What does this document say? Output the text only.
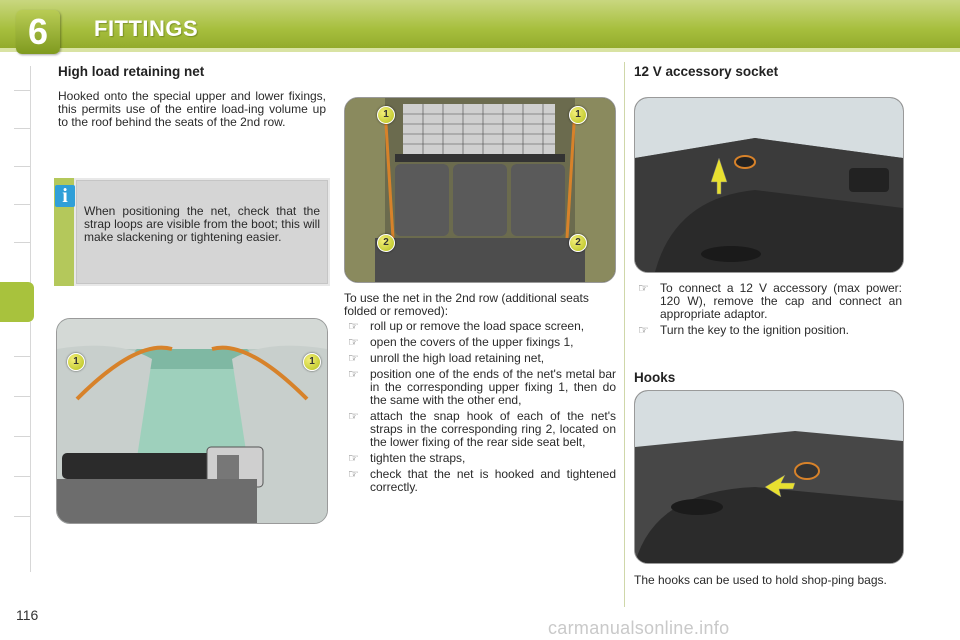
6	FITTINGS
High load retaining net
Hooked onto the special upper and lower fixings, this permits use of the entire load-ing volume up to the roof behind the seats of the 2nd row.
i
When positioning the net, check that the strap loops are visible from the boot; this will make slackening or tightening easier.
1	1
1	1
2	2
To use the net in the 2nd row (additional seats folded or removed):
☞ roll up or remove the load space screen,
☞ open the covers of the upper fixings 1,
☞ unroll the high load retaining net,
☞ position one of the ends of the net's metal bar in the corresponding upper fixing 1, then do the same with the other end,
☞ attach the snap hook of each of the net's straps in the corresponding ring 2, located on the lower fixing of the rear side seat belt,
☞ tighten the straps,
☞ check that the net is hooked and tightened correctly.
12 V accessory socket
☞ To connect a 12 V accessory (max power: 120 W), remove the cap and connect an appropriate adaptor.
☞ Turn the key to the ignition position.
Hooks
The hooks can be used to hold shop-ping bags.
116
carmanualsonline.info
